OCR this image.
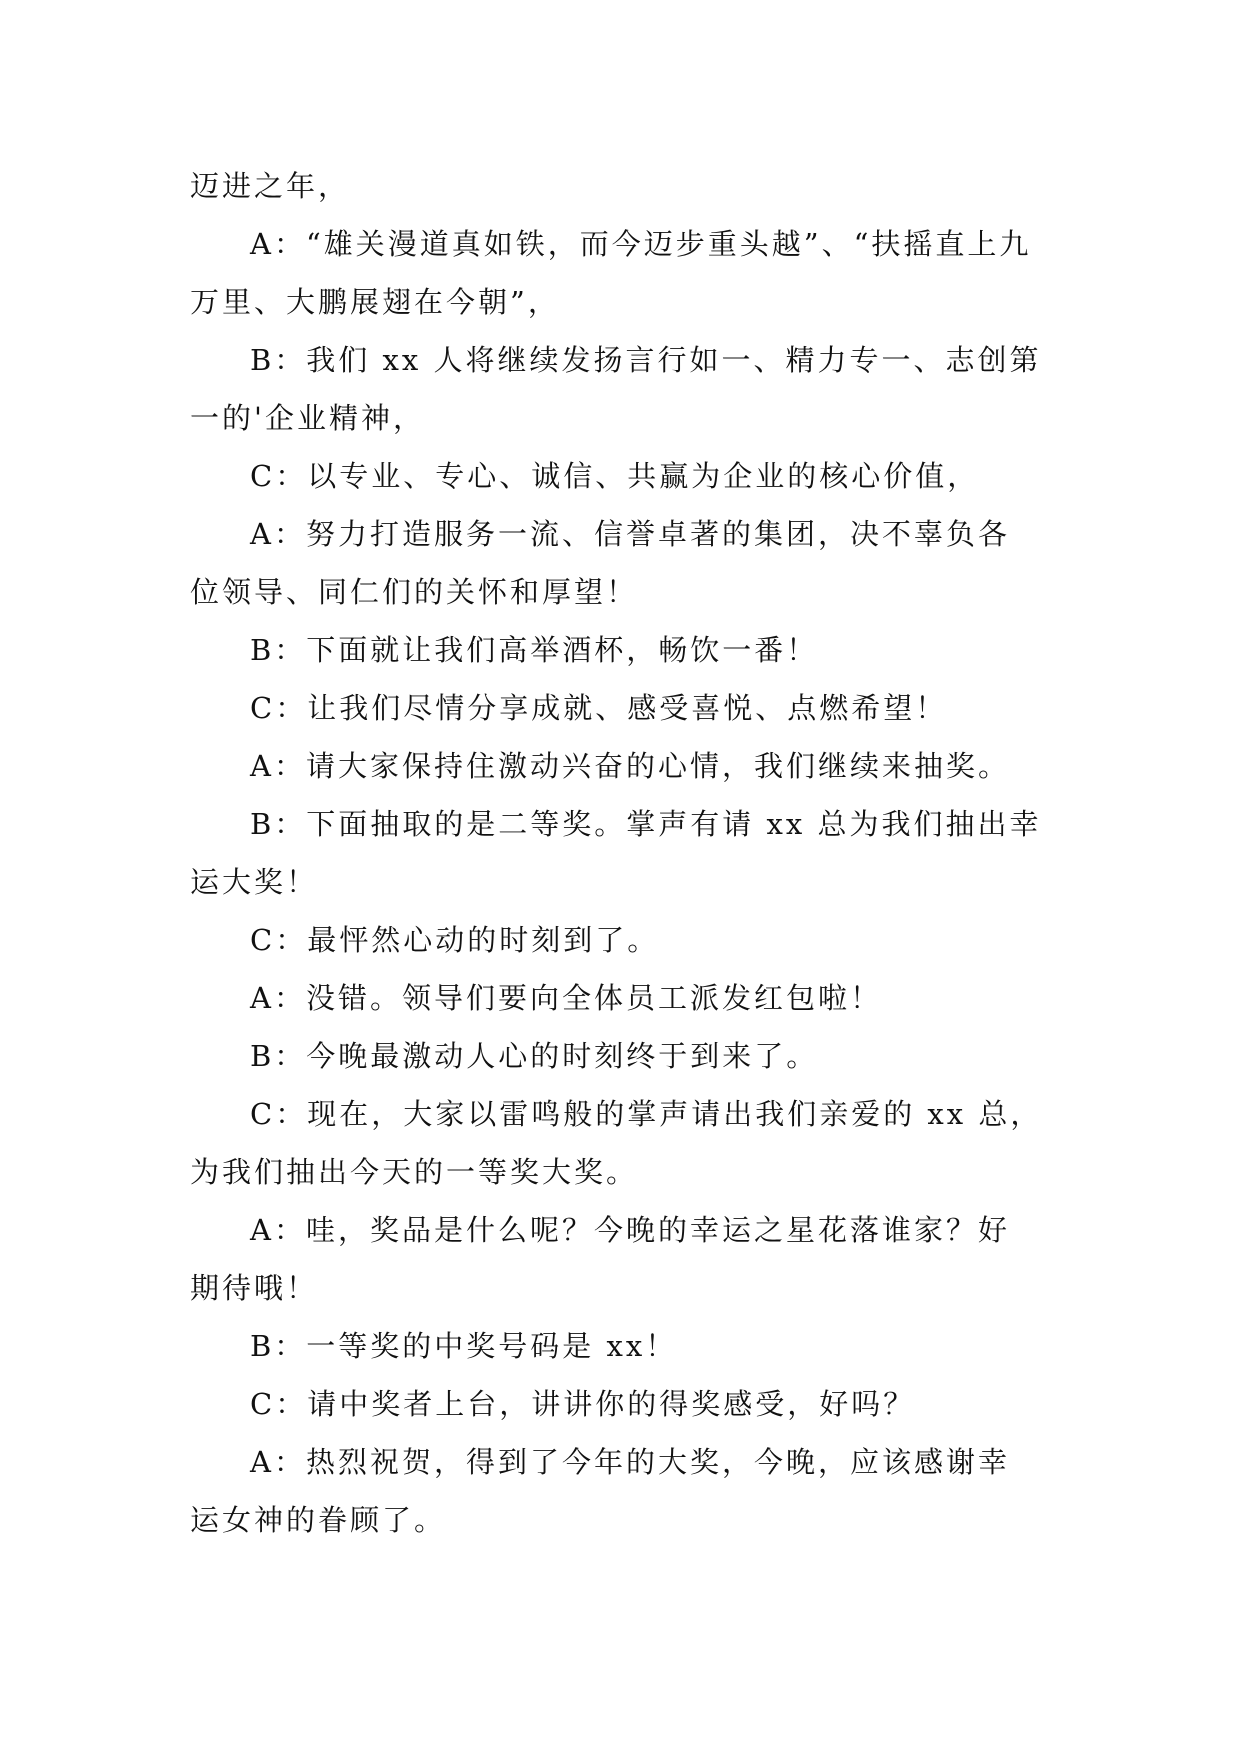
迈进之年，
A：“雄关漫道真如铁，而今迈步重头越”、“扶摇直上九
万里、大鹏展翅在今朝”，
B：我们 xx 人将继续发扬言行如一、精力专一、志创第
一的'企业精神，
C：以专业、专心、诚信、共赢为企业的核心价值，
A：努力打造服务一流、信誉卓著的集团，决不辜负各
位领导、同仁们的关怀和厚望！
B：下面就让我们高举酒杯，畅饮一番！
C：让我们尽情分享成就、感受喜悦、点燃希望！
A：请大家保持住激动兴奋的心情，我们继续来抽奖。
B：下面抽取的是二等奖。掌声有请 xx 总为我们抽出幸
运大奖！
C：最怦然心动的时刻到了。
A：没错。领导们要向全体员工派发红包啦！
B：今晚最激动人心的时刻终于到来了。
C：现在，大家以雷鸣般的掌声请出我们亲爱的 xx 总，
为我们抽出今天的一等奖大奖。
A：哇，奖品是什么呢？今晚的幸运之星花落谁家？好
期待哦！
B：一等奖的中奖号码是 xx！
C：请中奖者上台，讲讲你的得奖感受，好吗？
A：热烈祝贺，得到了今年的大奖，今晚，应该感谢幸
运女神的眷顾了。
